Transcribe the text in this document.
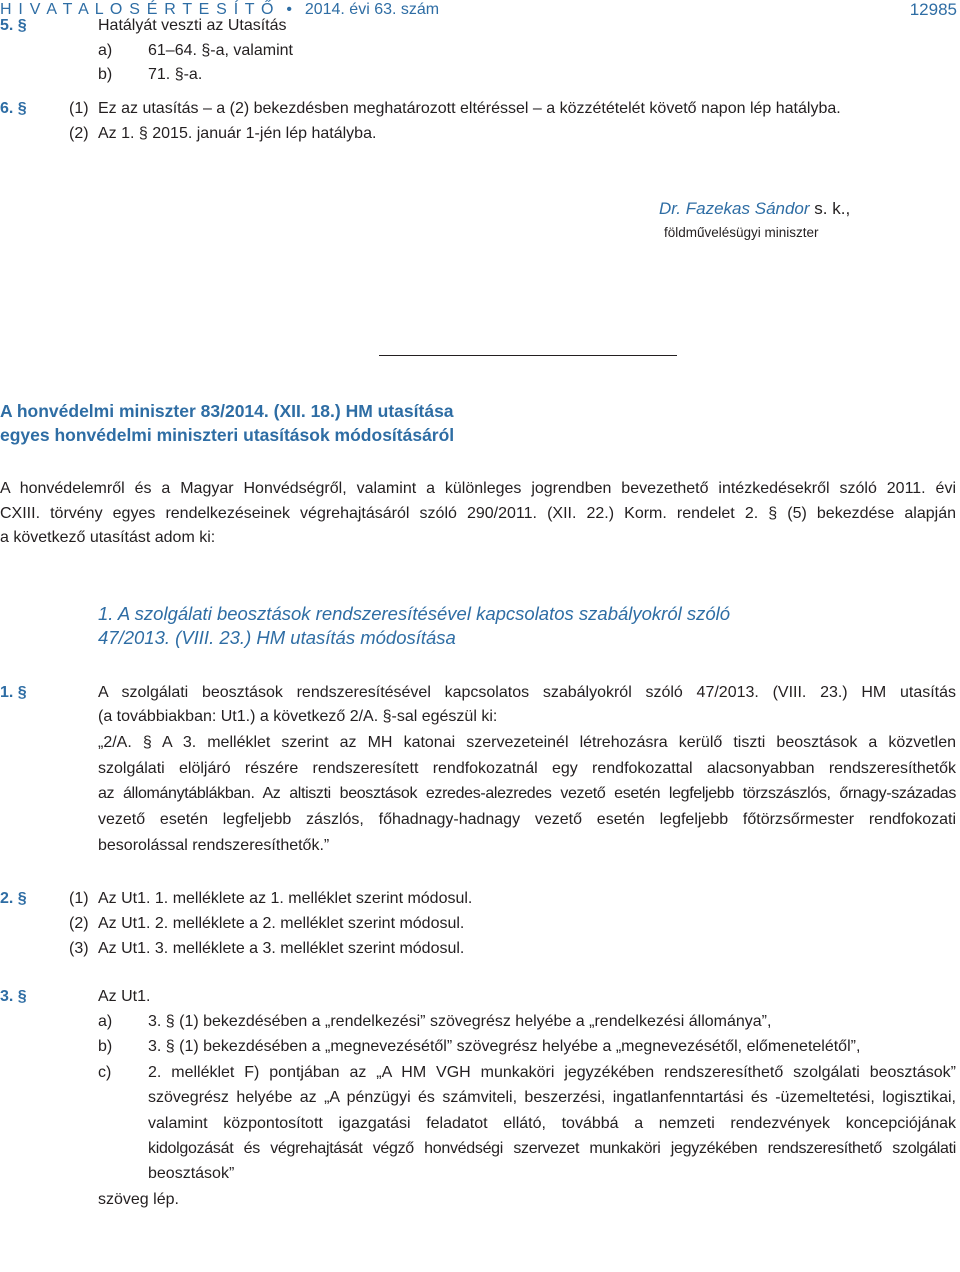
H I V A T A L O S É R T E S Í T Ő • 2014. évi 63. szám	12985
5. §	Hatályát veszti az Utasítás
a) 61–64. §-a, valamint
b) 71. §-a.
6. §	(1) Ez az utasítás – a (2) bekezdésben meghatározott eltéréssel – a közzétételét követő napon lép hatályba.
(2) Az 1. § 2015. január 1-jén lép hatályba.
Dr. Fazekas Sándor s. k.,
földművelésügyi miniszter
A honvédelmi miniszter 83/2014. (XII. 18.) HM utasítása
egyes honvédelmi miniszteri utasítások módosításáról
A honvédelemről és a Magyar Honvédségről, valamint a különleges jogrendben bevezethető intézkedésekről szóló 2011. évi
CXIII. törvény egyes rendelkezéseinek végrehajtásáról szóló 290/2011. (XII. 22.) Korm. rendelet 2. § (5) bekezdése alapján
a következő utasítást adom ki:
1. A szolgálati beosztások rendszeresítésével kapcsolatos szabályokról szóló
47/2013. (VIII. 23.) HM utasítás módosítása
1. §	A szolgálati beosztások rendszeresítésével kapcsolatos szabályokról szóló 47/2013. (VIII. 23.) HM utasítás
(a továbbiakban: Ut1.) a következő 2/A. §-sal egészül ki:
„2/A. § A 3. melléklet szerint az MH katonai szervezeteinél létrehozásra kerülő tiszti beosztások a közvetlen
szolgálati elöljáró részére rendszeresített rendfokozatnál egy rendfokozattal alacsonyabban rendszeresíthetők
az állománytáblákban. Az altiszti beosztások ezredes-alezredes vezető esetén legfeljebb törzszászlós, őrnagy-századas
vezető esetén legfeljebb zászlós, főhadnagy-hadnagy vezető esetén legfeljebb főtörzsőrmester rendfokozati
besorolással rendszeresíthetők.”
2. §	(1) Az Ut1. 1. melléklete az 1. melléklet szerint módosul.
(2) Az Ut1. 2. melléklete a 2. melléklet szerint módosul.
(3) Az Ut1. 3. melléklete a 3. melléklet szerint módosul.
3. §	Az Ut1.
a) 3. § (1) bekezdésében a „rendelkezési” szövegrész helyébe a „rendelkezési állománya”,
b) 3. § (1) bekezdésében a „megnevezésétől” szövegrész helyébe a „megnevezésétől, előmenetelétől”,
c) 2. melléklet F) pontjában az „A HM VGH munkaköri jegyzékében rendszeresíthető szolgálati beosztások”
szövegrész helyébe az „A pénzügyi és számviteli, beszerzési, ingatlanfenntartási és -üzemeltetési, logisztikai,
valamint központosított igazgatási feladatot ellátó, továbbá a nemzeti rendezvények koncepciójának
kidolgozását és végrehajtását végző honvédségi szervezet munkaköri jegyzékében rendszeresíthető szolgálati
beosztások”
szöveg lép.
